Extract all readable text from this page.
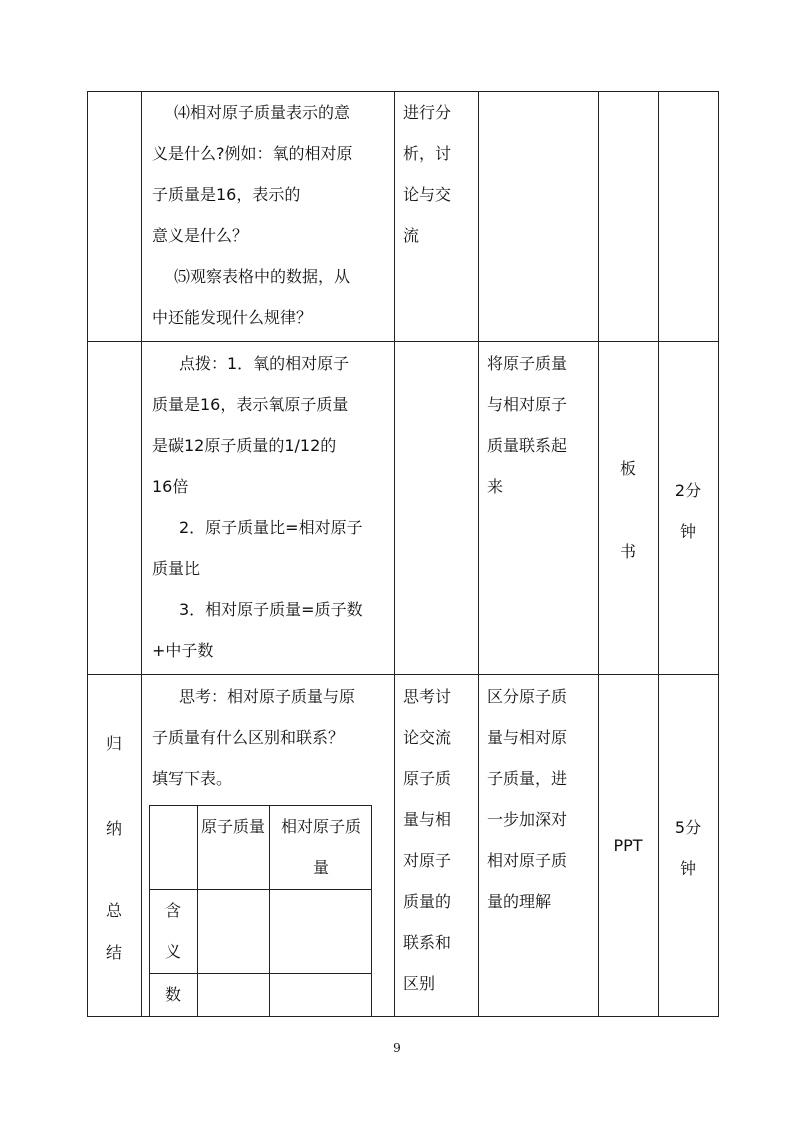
⑷相对原子质量表示的意
义是什么?例如：氧的相对原
子质量是16，表示的
意义是什么？
⑸观察表格中的数据，从
中还能发现什么规律？
进行分
析，讨
论与交
流
点拨：1．氧的相对原子
质量是16，表示氧原子质量
是碳12原子质量的1/12的
16倍
2．原子质量比=相对原子
质量比
3．相对原子质量=质子数
+中子数
将原子质量
与相对原子
质量联系起
来
板
书
2分
钟
归
纳
总
结
思考：相对原子质量与原
子质量有什么区别和联系？
填写下表。
原子质量 相对原子质量
含义
数
思考讨
论交流
原子质
量与相
对原子
质量的
联系和
区别
区分原子质
量与相对原
子质量，进
一步加深对
相对原子质
量的理解
PPT
5分
钟
9
